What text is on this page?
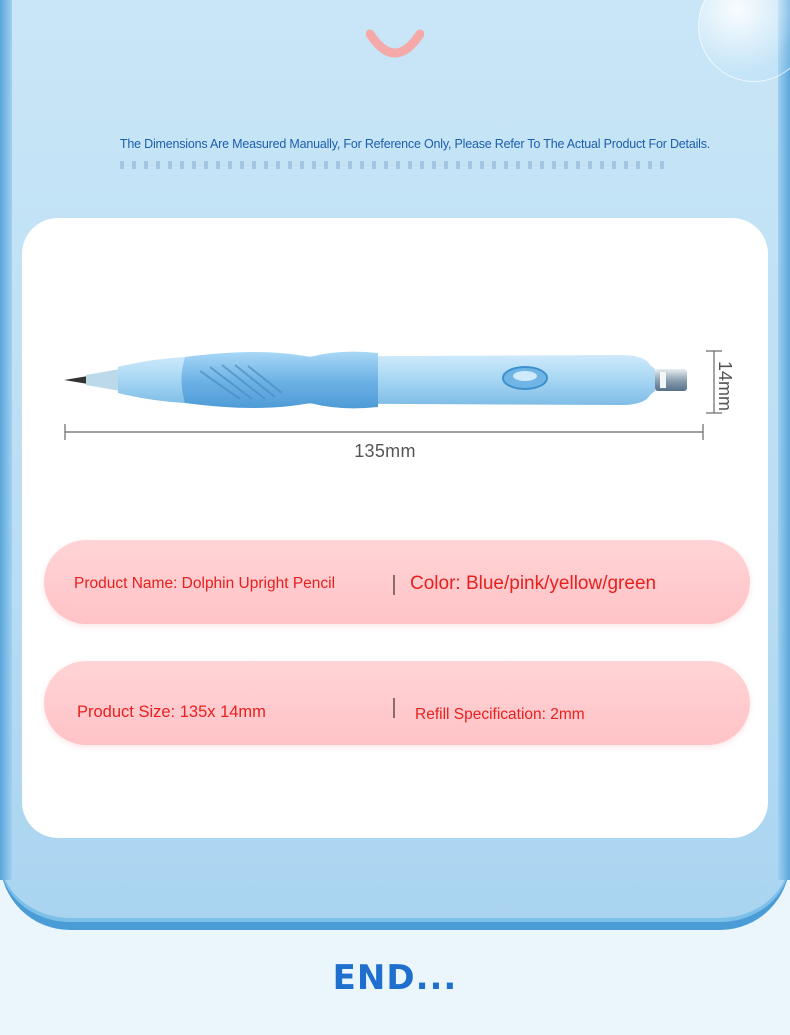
The Dimensions Are Measured Manually, For Reference Only, Please Refer To The Actual Product For Details.
135mm
14mm
Product Name: Dolphin Upright Pencil	Color: Blue/pink/yellow/green
Product Size: 135x 14mm	Refill Specification: 2mm
END...
